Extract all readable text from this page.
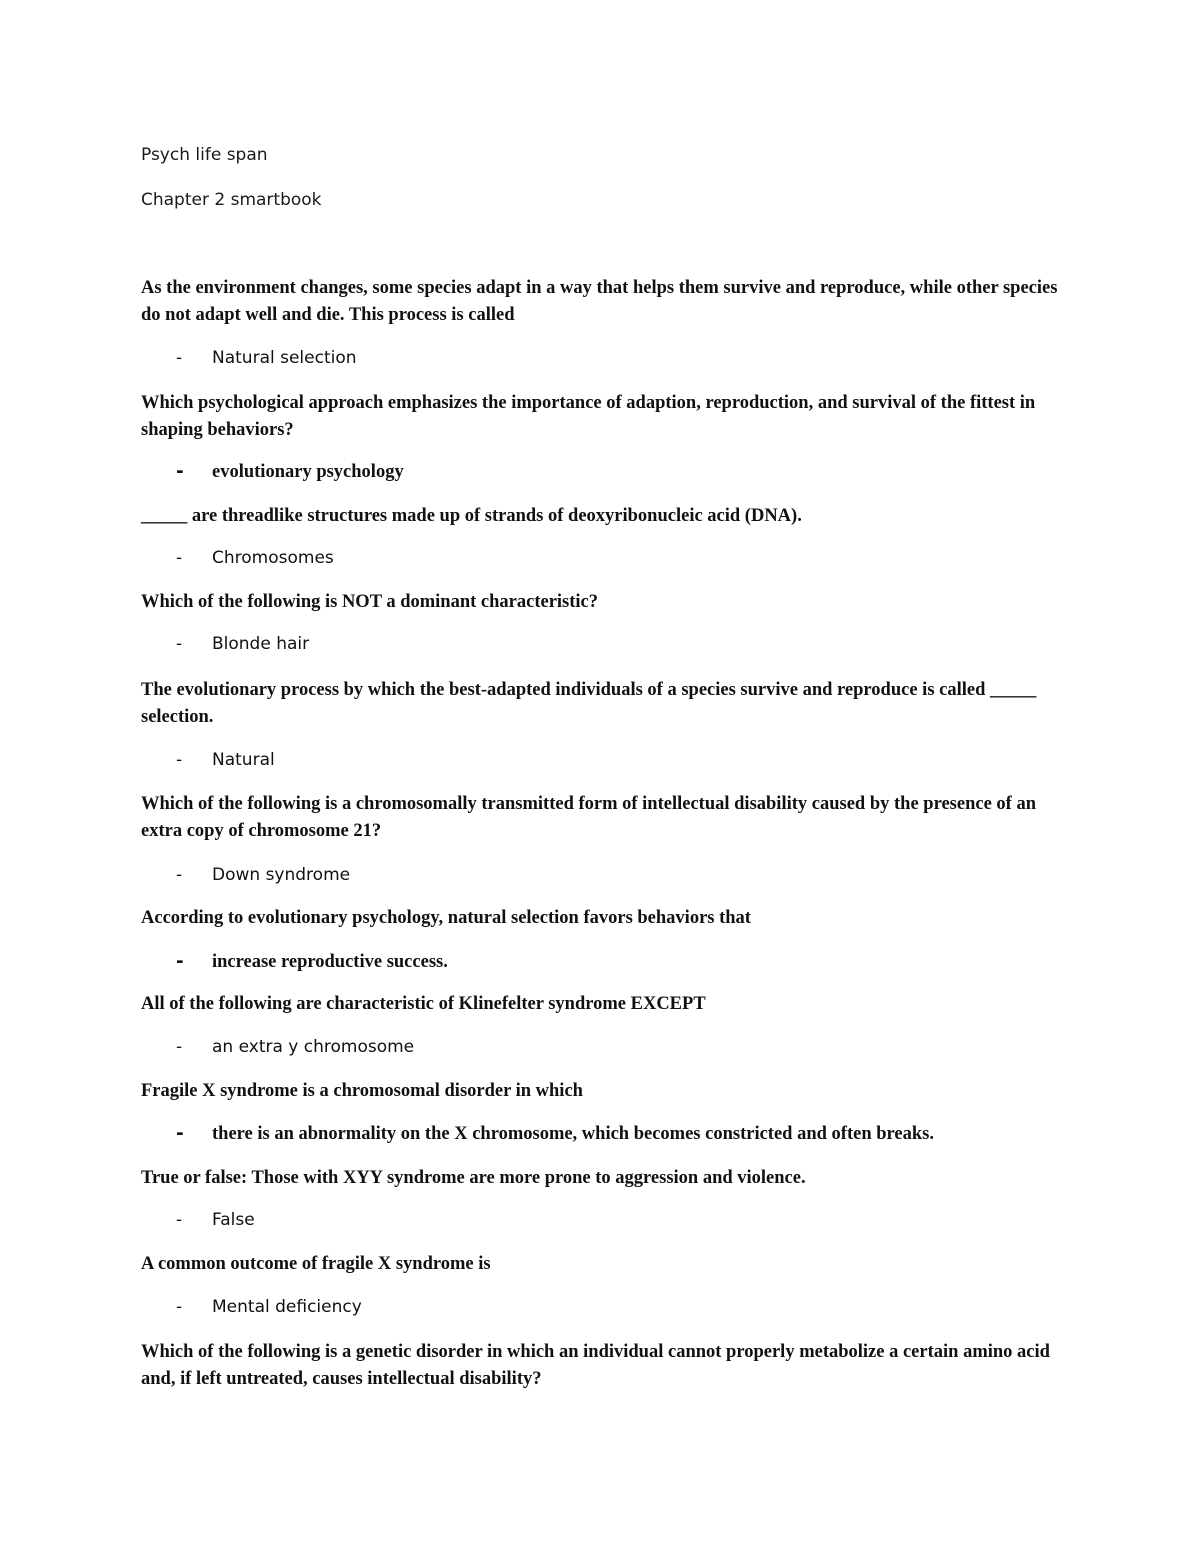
Psych life span
Chapter 2 smartbook
As the environment changes, some species adapt in a way that helps them survive and reproduce, while other species do not adapt well and die. This process is called
- Natural selection
Which psychological approach emphasizes the importance of adaption, reproduction, and survival of the fittest in shaping behaviors?
- evolutionary psychology
_____ are threadlike structures made up of strands of deoxyribonucleic acid (DNA).
- Chromosomes
Which of the following is NOT a dominant characteristic?
- Blonde hair
The evolutionary process by which the best-adapted individuals of a species survive and reproduce is called _____ selection.
- Natural
Which of the following is a chromosomally transmitted form of intellectual disability caused by the presence of an extra copy of chromosome 21?
- Down syndrome
According to evolutionary psychology, natural selection favors behaviors that
- increase reproductive success.
All of the following are characteristic of Klinefelter syndrome EXCEPT
- an extra y chromosome
Fragile X syndrome is a chromosomal disorder in which
- there is an abnormality on the X chromosome, which becomes constricted and often breaks.
True or false: Those with XYY syndrome are more prone to aggression and violence.
- False
A common outcome of fragile X syndrome is
- Mental deficiency
Which of the following is a genetic disorder in which an individual cannot properly metabolize a certain amino acid and, if left untreated, causes intellectual disability?
